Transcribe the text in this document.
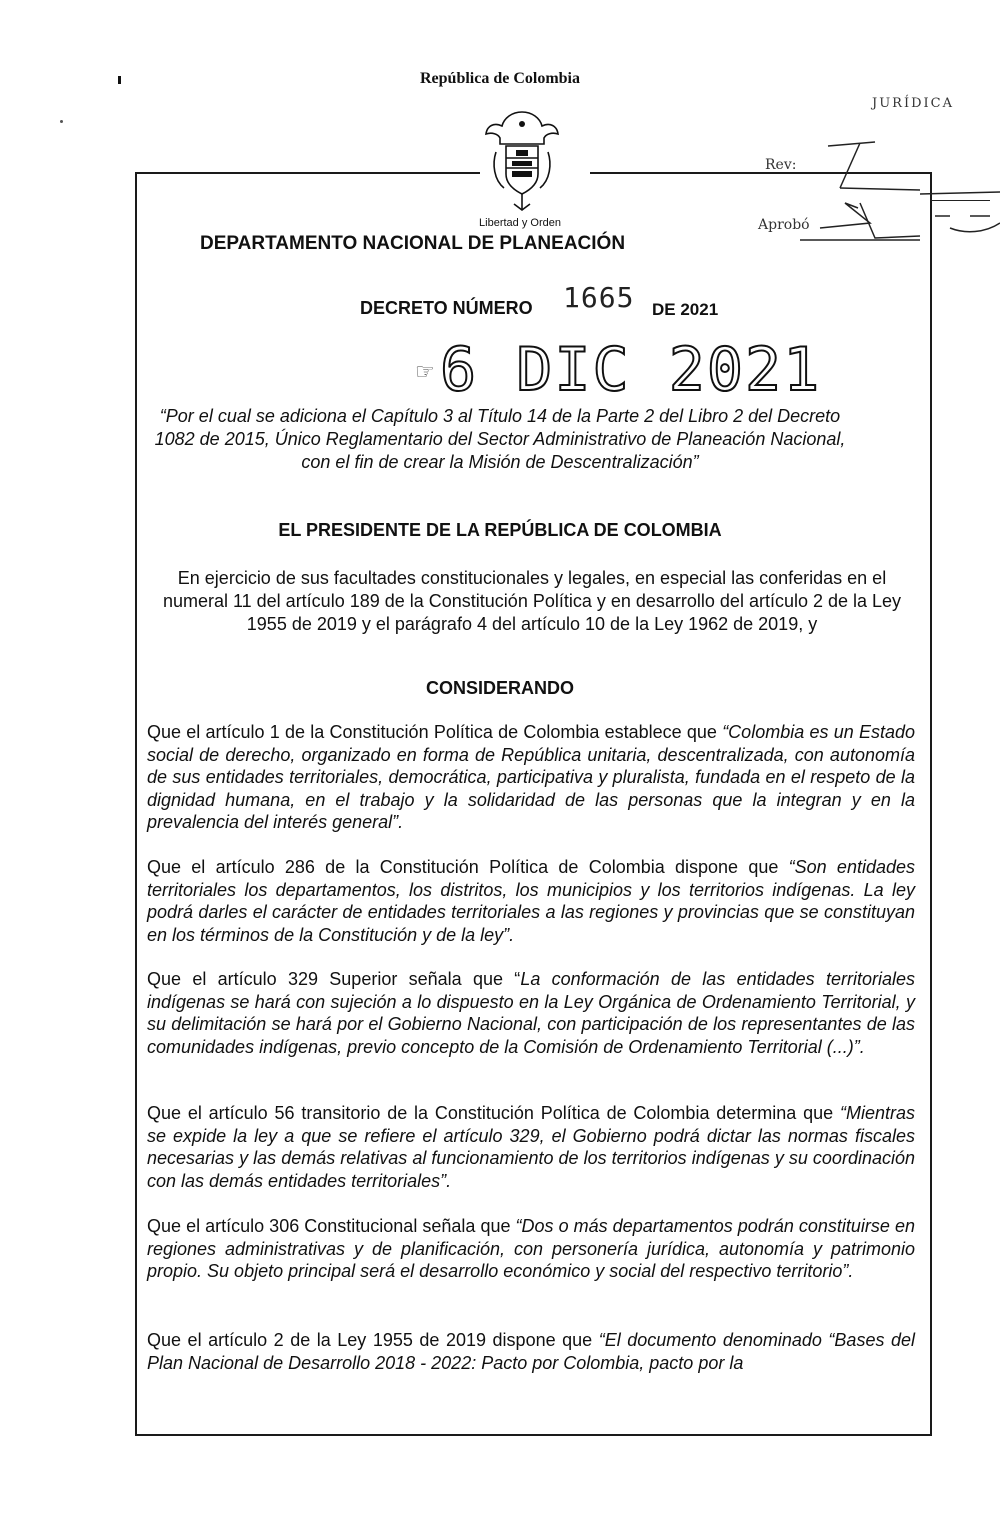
República de Colombia
Libertad y Orden
DEPARTAMENTO NACIONAL DE PLANEACIÓN
JURÍDICA
Rev:
Aprobó
DECRETO NÚMERO 1665 DE 2021
☞ 6 DIC 2021
“Por el cual se adiciona el Capítulo 3 al Título 14 de la Parte 2 del Libro 2 del Decreto 1082 de 2015, Único Reglamentario del Sector Administrativo de Planeación Nacional, con el fin de crear la Misión de Descentralización”
EL PRESIDENTE DE LA REPÚBLICA DE COLOMBIA
En ejercicio de sus facultades constitucionales y legales, en especial las conferidas en el numeral 11 del artículo 189 de la Constitución Política y en desarrollo del artículo 2 de la Ley 1955 de 2019 y el parágrafo 4 del artículo 10 de la Ley 1962 de 2019, y
CONSIDERANDO
Que el artículo 1 de la Constitución Política de Colombia establece que “Colombia es un Estado social de derecho, organizado en forma de República unitaria, descentralizada, con autonomía de sus entidades territoriales, democrática, participativa y pluralista, fundada en el respeto de la dignidad humana, en el trabajo y la solidaridad de las personas que la integran y en la prevalencia del interés general”.
Que el artículo 286 de la Constitución Política de Colombia dispone que “Son entidades territoriales los departamentos, los distritos, los municipios y los territorios indígenas. La ley podrá darles el carácter de entidades territoriales a las regiones y provincias que se constituyan en los términos de la Constitución y de la ley”.
Que el artículo 329 Superior señala que “La conformación de las entidades territoriales indígenas se hará con sujeción a lo dispuesto en la Ley Orgánica de Ordenamiento Territorial, y su delimitación se hará por el Gobierno Nacional, con participación de los representantes de las comunidades indígenas, previo concepto de la Comisión de Ordenamiento Territorial (...)”.
Que el artículo 56 transitorio de la Constitución Política de Colombia determina que “Mientras se expide la ley a que se refiere el artículo 329, el Gobierno podrá dictar las normas fiscales necesarias y las demás relativas al funcionamiento de los territorios indígenas y su coordinación con las demás entidades territoriales”.
Que el artículo 306 Constitucional señala que “Dos o más departamentos podrán constituirse en regiones administrativas y de planificación, con personería jurídica, autonomía y patrimonio propio. Su objeto principal será el desarrollo económico y social del respectivo territorio”.
Que el artículo 2 de la Ley 1955 de 2019 dispone que “El documento denominado “Bases del Plan Nacional de Desarrollo 2018 - 2022: Pacto por Colombia, pacto por la
